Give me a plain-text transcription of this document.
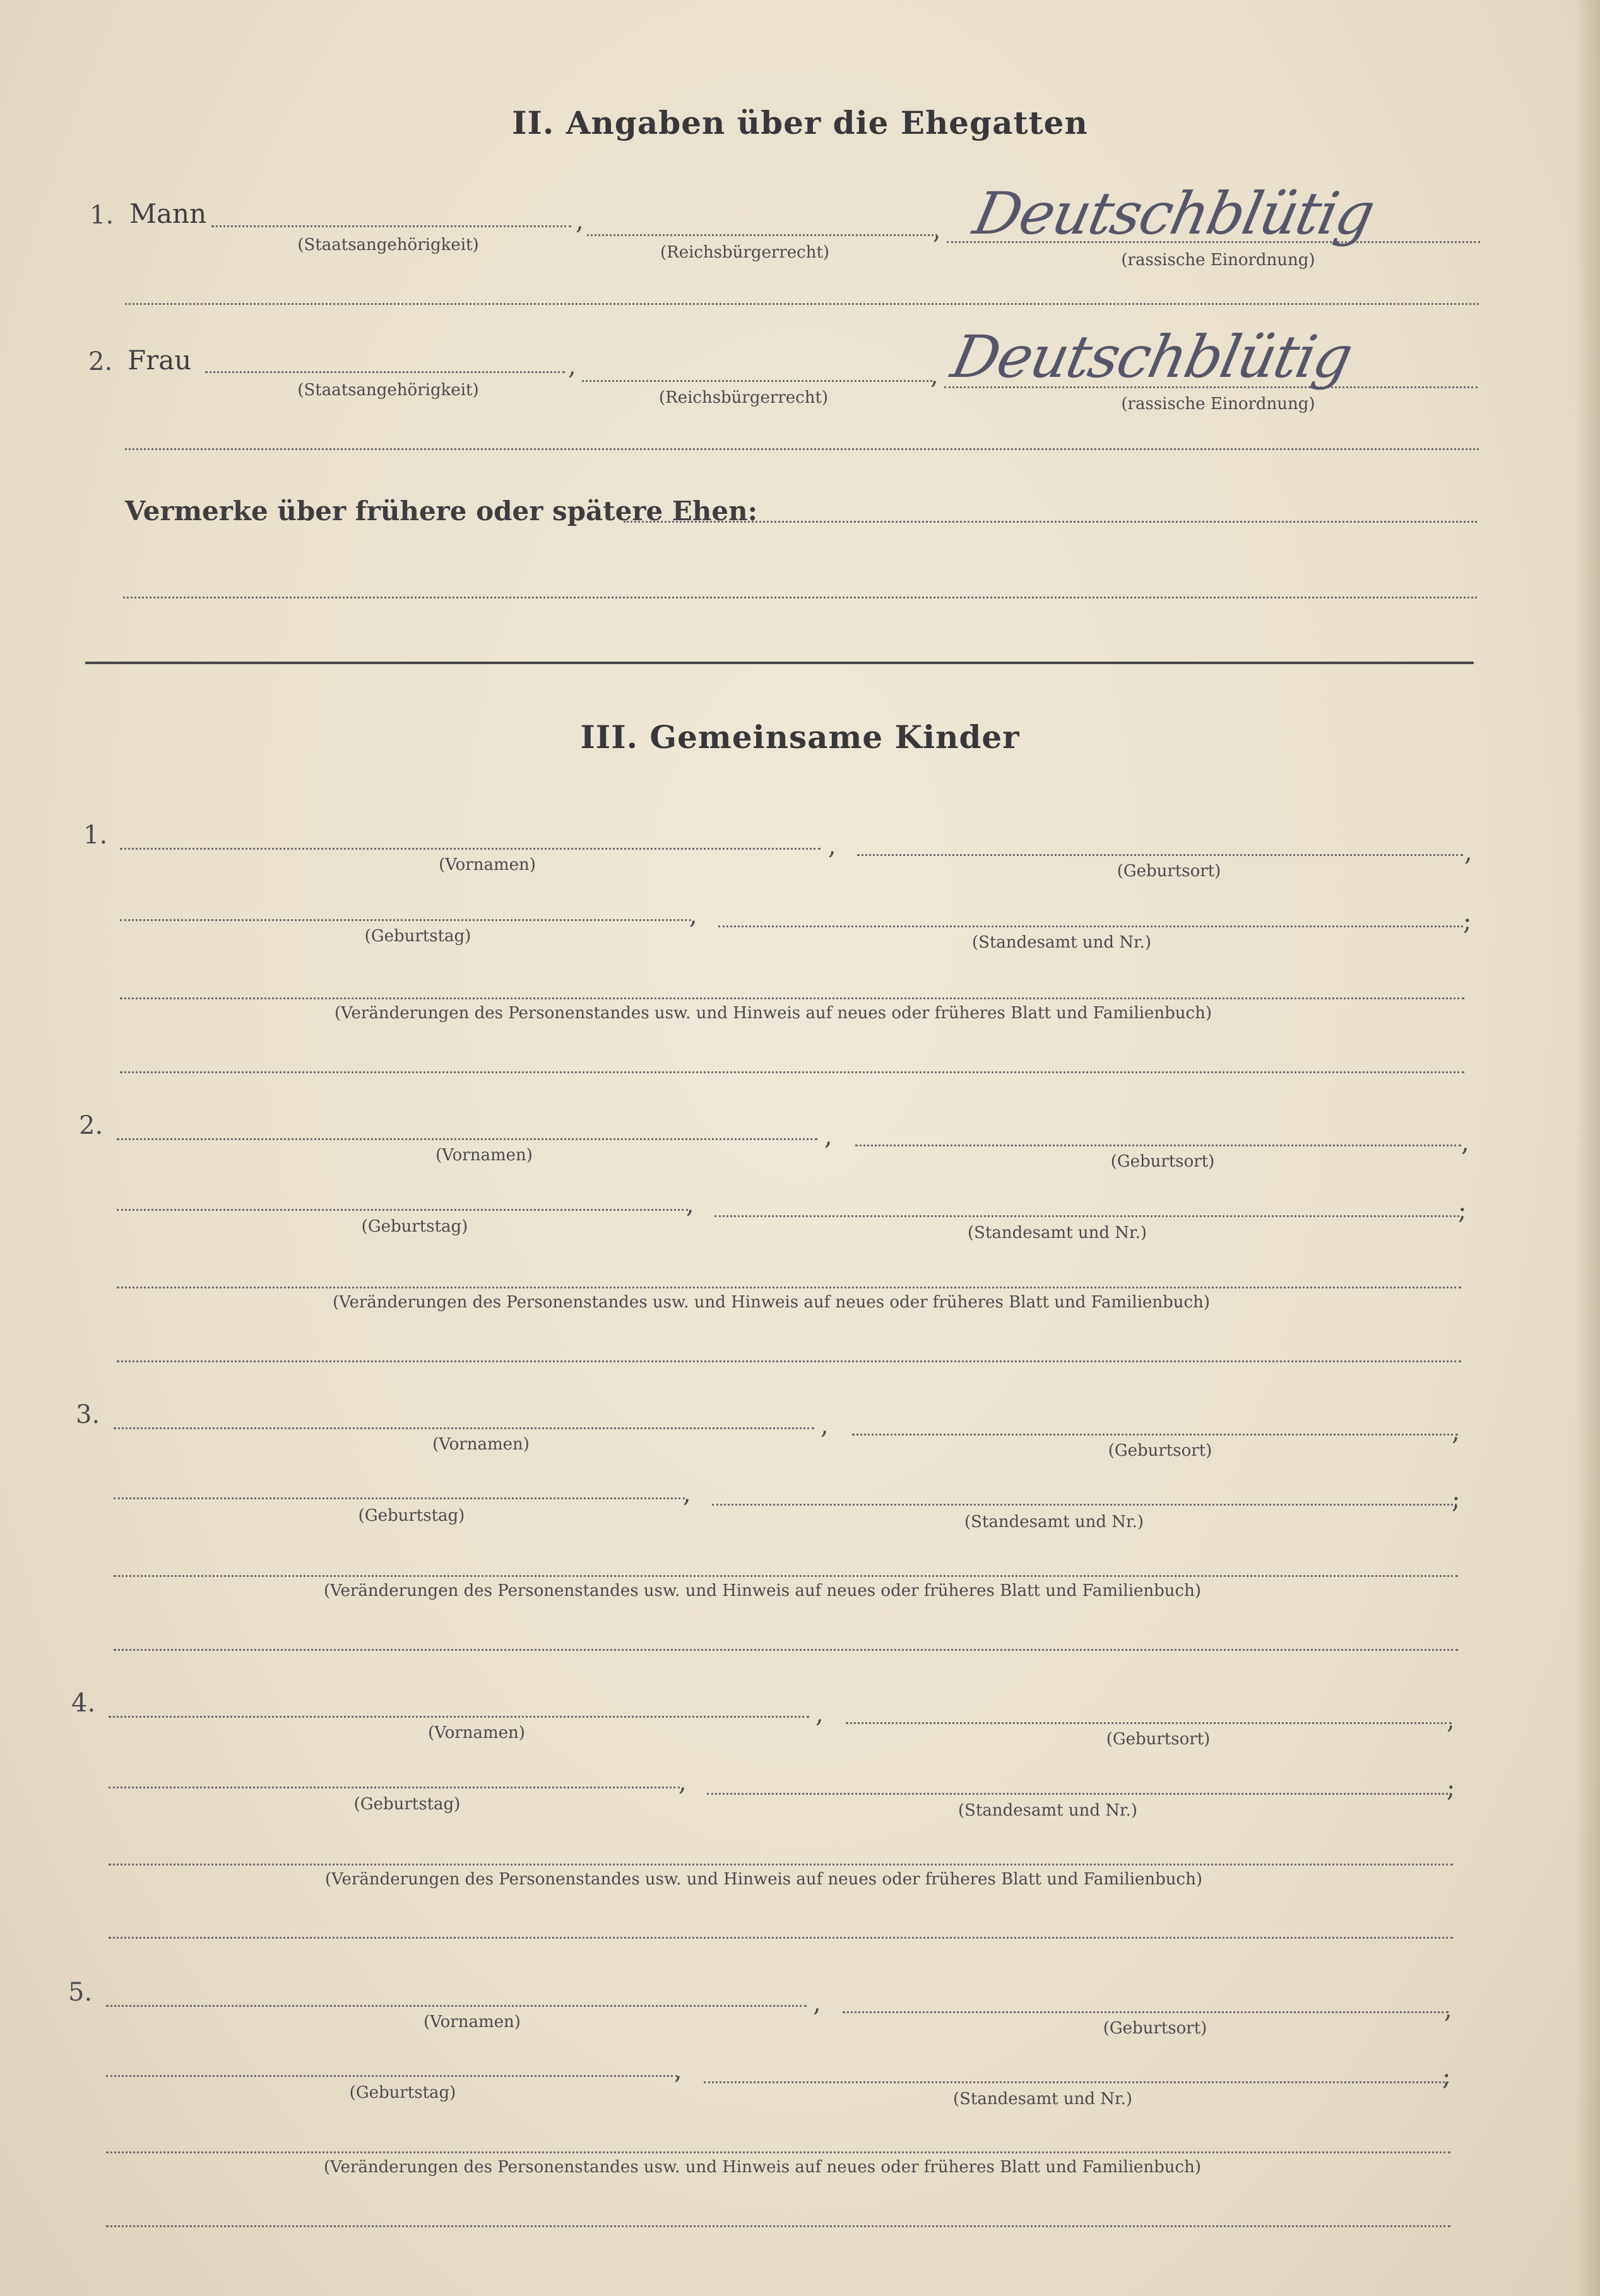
II. Angaben über die Ehegatten
1. Mann	,	, Deutschblütig
(Staatsangehörigkeit)	(Reichsbürgerrecht)	(rassische Einordnung)
2. Frau	,	, Deutschblütig
(Staatsangehörigkeit)	(Reichsbürgerrecht)	(rassische Einordnung)
Vermerke über frühere oder spätere Ehen:
III. Gemeinsame Kinder
1.	,	,
(Vornamen)	(Geburtsort)
,	;
(Geburtstag)	(Standesamt und Nr.)
(Veränderungen des Personenstandes usw. und Hinweis auf neues oder früheres Blatt und Familienbuch)
2.	,	,
(Vornamen)	(Geburtsort)
,	;
(Geburtstag)	(Standesamt und Nr.)
(Veränderungen des Personenstandes usw. und Hinweis auf neues oder früheres Blatt und Familienbuch)
3.	,	,
(Vornamen)	(Geburtsort)
,	;
(Geburtstag)	(Standesamt und Nr.)
(Veränderungen des Personenstandes usw. und Hinweis auf neues oder früheres Blatt und Familienbuch)
4.	,	,
(Vornamen)	(Geburtsort)
,	;
(Geburtstag)	(Standesamt und Nr.)
(Veränderungen des Personenstandes usw. und Hinweis auf neues oder früheres Blatt und Familienbuch)
5.	,	,
(Vornamen)	(Geburtsort)
,	;
(Geburtstag)	(Standesamt und Nr.)
(Veränderungen des Personenstandes usw. und Hinweis auf neues oder früheres Blatt und Familienbuch)
